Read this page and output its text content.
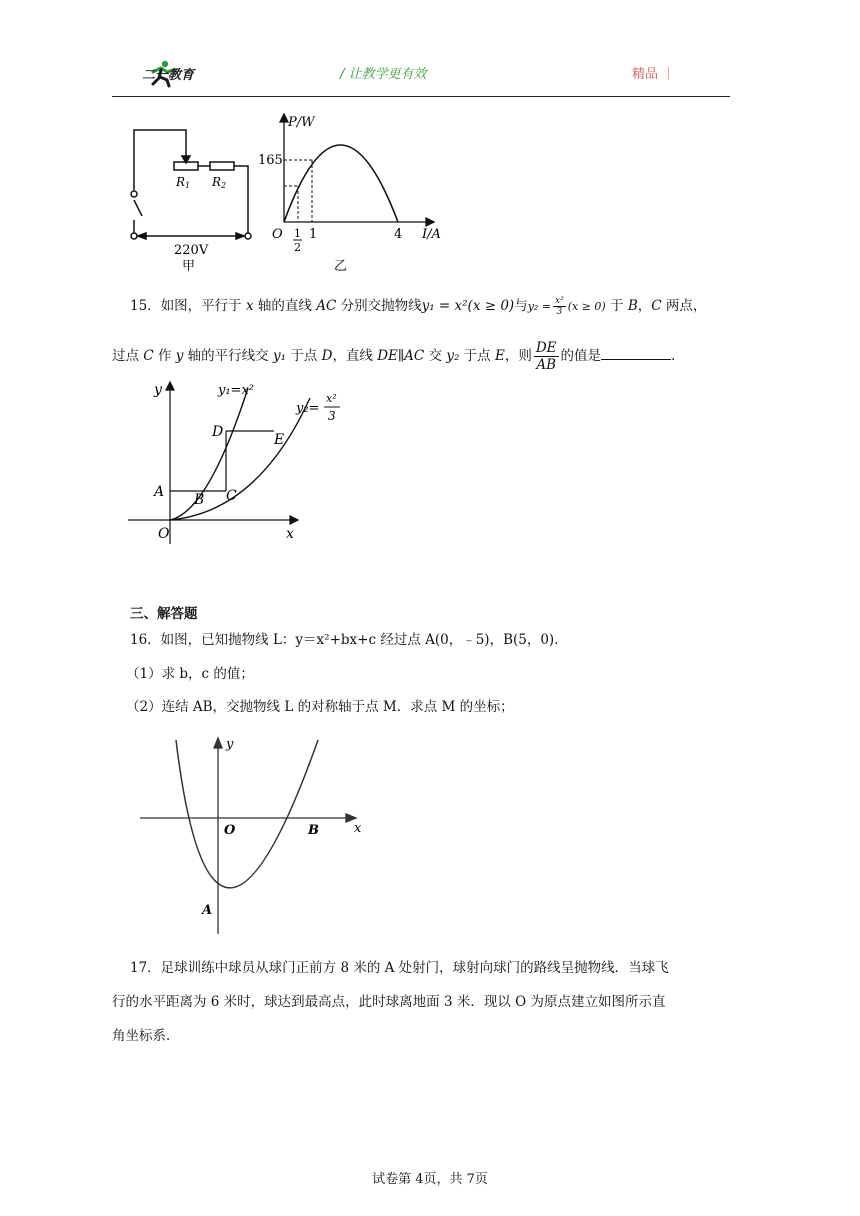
二一教育	/ 让教学更有效	精品 ｜
R1 R2
220V
甲
P/W
I/A
O
165
1
2
1	4
乙
15．如图，平行于 x 轴的直线 AC 分别交抛物线y₁ = x²(x ≥ 0)与$y_2 = \frac{\text{x²}}{3} (x \ge 0)$ 于 B，C 两点，
过点 C 作 y 轴的平行线交 y₁ 于点 D，直线 DE∥AC 交 y₂ 于点 E，则 $\frac{DE}{AB}$ 的值是	.
y
x
O
y₁=x²
y₂=
x²
3
A B C
D	E
三、解答题
16．如图，已知抛物线 L：y＝x²+bx+c 经过点 A(0，﹣5)，B(5，0).
（1）求 b，c 的值；
（2）连结 AB，交抛物线 L 的对称轴于点 M．求点 M 的坐标；
y
x
O	B
A
17．足球训练中球员从球门正前方 8 米的 A 处射门，球射向球门的路线呈抛物线．当球飞
行的水平距离为 6 米时，球达到最高点，此时球离地面 3 米．现以 O 为原点建立如图所示直
角坐标系．
试卷第 4页，共 7页
